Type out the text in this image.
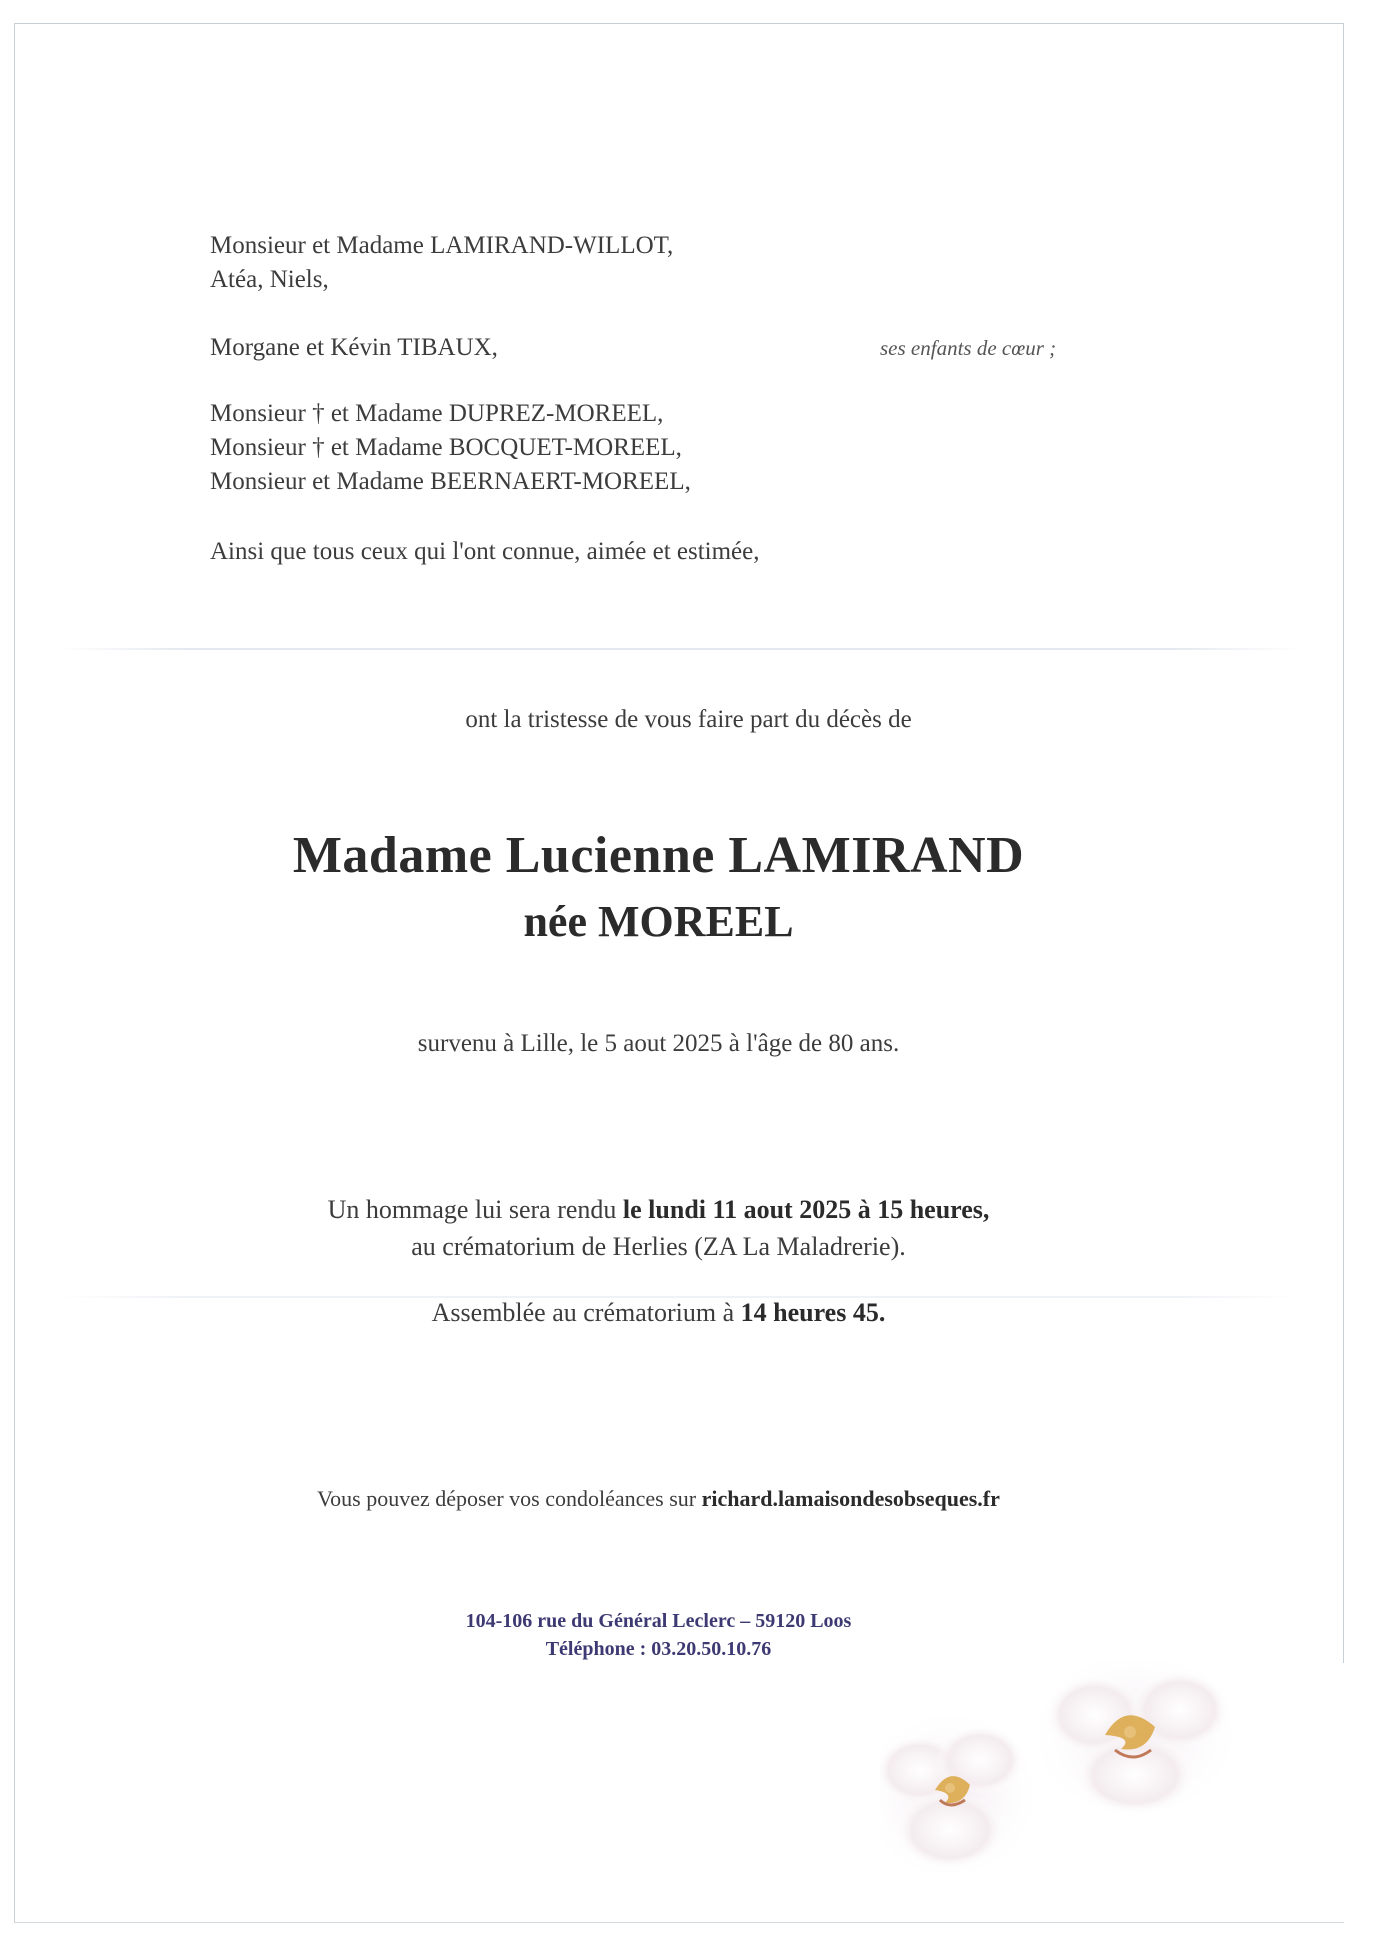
Monsieur et Madame LAMIRAND-WILLOT,
Atéa, Niels,
Morgane et Kévin TIBAUX,	ses enfants de cœur ;
Monsieur † et Madame DUPREZ-MOREEL,
Monsieur † et Madame BOCQUET-MOREEL,
Monsieur et Madame BEERNAERT-MOREEL,
Ainsi que tous ceux qui l'ont connue, aimée et estimée,
ont la tristesse de vous faire part du décès de
Madame Lucienne LAMIRAND
née MOREEL
survenu à Lille, le 5 aout 2025 à l'âge de 80 ans.
Un hommage lui sera rendu le lundi 11 aout 2025 à 15 heures,
au crématorium de Herlies (ZA La Maladrerie).
Assemblée au crématorium à 14 heures 45.
Vous pouvez déposer vos condoléances sur richard.lamaisondesobseques.fr
104-106 rue du Général Leclerc – 59120 Loos
Téléphone : 03.20.50.10.76
